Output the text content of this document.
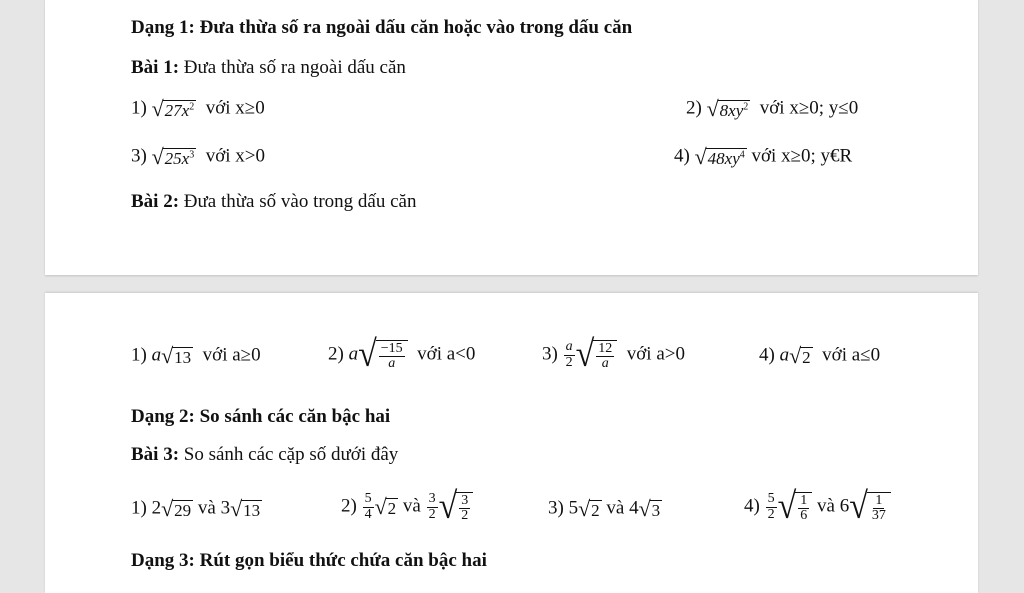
Dạng 1: Đưa thừa số ra ngoài dấu căn hoặc vào trong dấu căn
Bài 1: Đưa thừa số ra ngoài dấu căn
1) √ $27x^2$ với x≥0	2) √ $8xy^2$ với x≥0; y≤0
3) √ $25x^3$ với x>0	4) √ $48xy^4$ với x≥0; y€R
Bài 2: Đưa thừa số vào trong dấu căn
1) a √ 13 với a≥0	2) a √ $\frac{-15}{a}$ với a<0	$3) \frac{a}{2}$ √ $\frac{12}{a}$ với a>0	4) a √ 2 với a≤0
Dạng 2: So sánh các căn bậc hai
Bài 3: So sánh các cặp số dưới đây
1) 2 √ 29 và 3 √ 13	$2) \frac{5}{4}$ √ 2 và $\frac{3}{2}$ √ $\frac{3}{2}$	3) 5 √ 2 và 4 √ 3	$4) \frac{5}{2}$ √ $\frac{1}{6}$ và 6 √ $\frac{1}{37}$
Dạng 3: Rút gọn biểu thức chứa căn bậc hai
